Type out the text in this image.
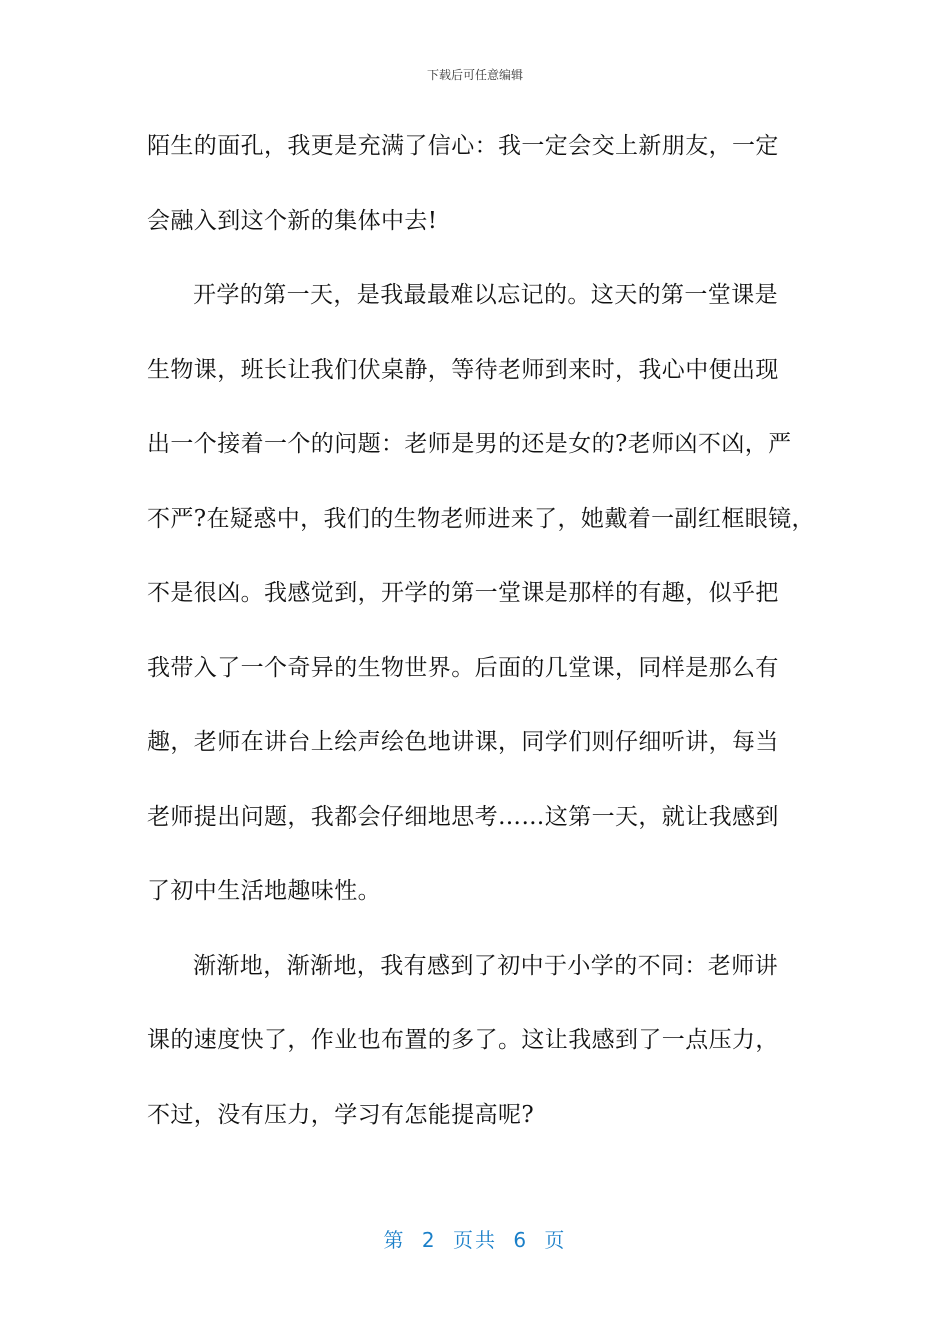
下载后可任意编辑
陌生的面孔，我更是充满了信心：我一定会交上新朋友，一定
会融入到这个新的集体中去!
开学的第一天，是我最最难以忘记的。这天的第一堂课是
生物课，班长让我们伏桌静，等待老师到来时，我心中便出现
出一个接着一个的问题：老师是男的还是女的?老师凶不凶，严
不严?在疑惑中，我们的生物老师进来了，她戴着一副红框眼镜，
不是很凶。我感觉到，开学的第一堂课是那样的有趣，似乎把
我带入了一个奇异的生物世界。后面的几堂课，同样是那么有
趣，老师在讲台上绘声绘色地讲课，同学们则仔细听讲，每当
老师提出问题，我都会仔细地思考……这第一天，就让我感到
了初中生活地趣味性。
渐渐地，渐渐地，我有感到了初中于小学的不同：老师讲
课的速度快了，作业也布置的多了。这让我感到了一点压力，
不过，没有压力，学习有怎能提高呢?
第 2 页共 6 页
